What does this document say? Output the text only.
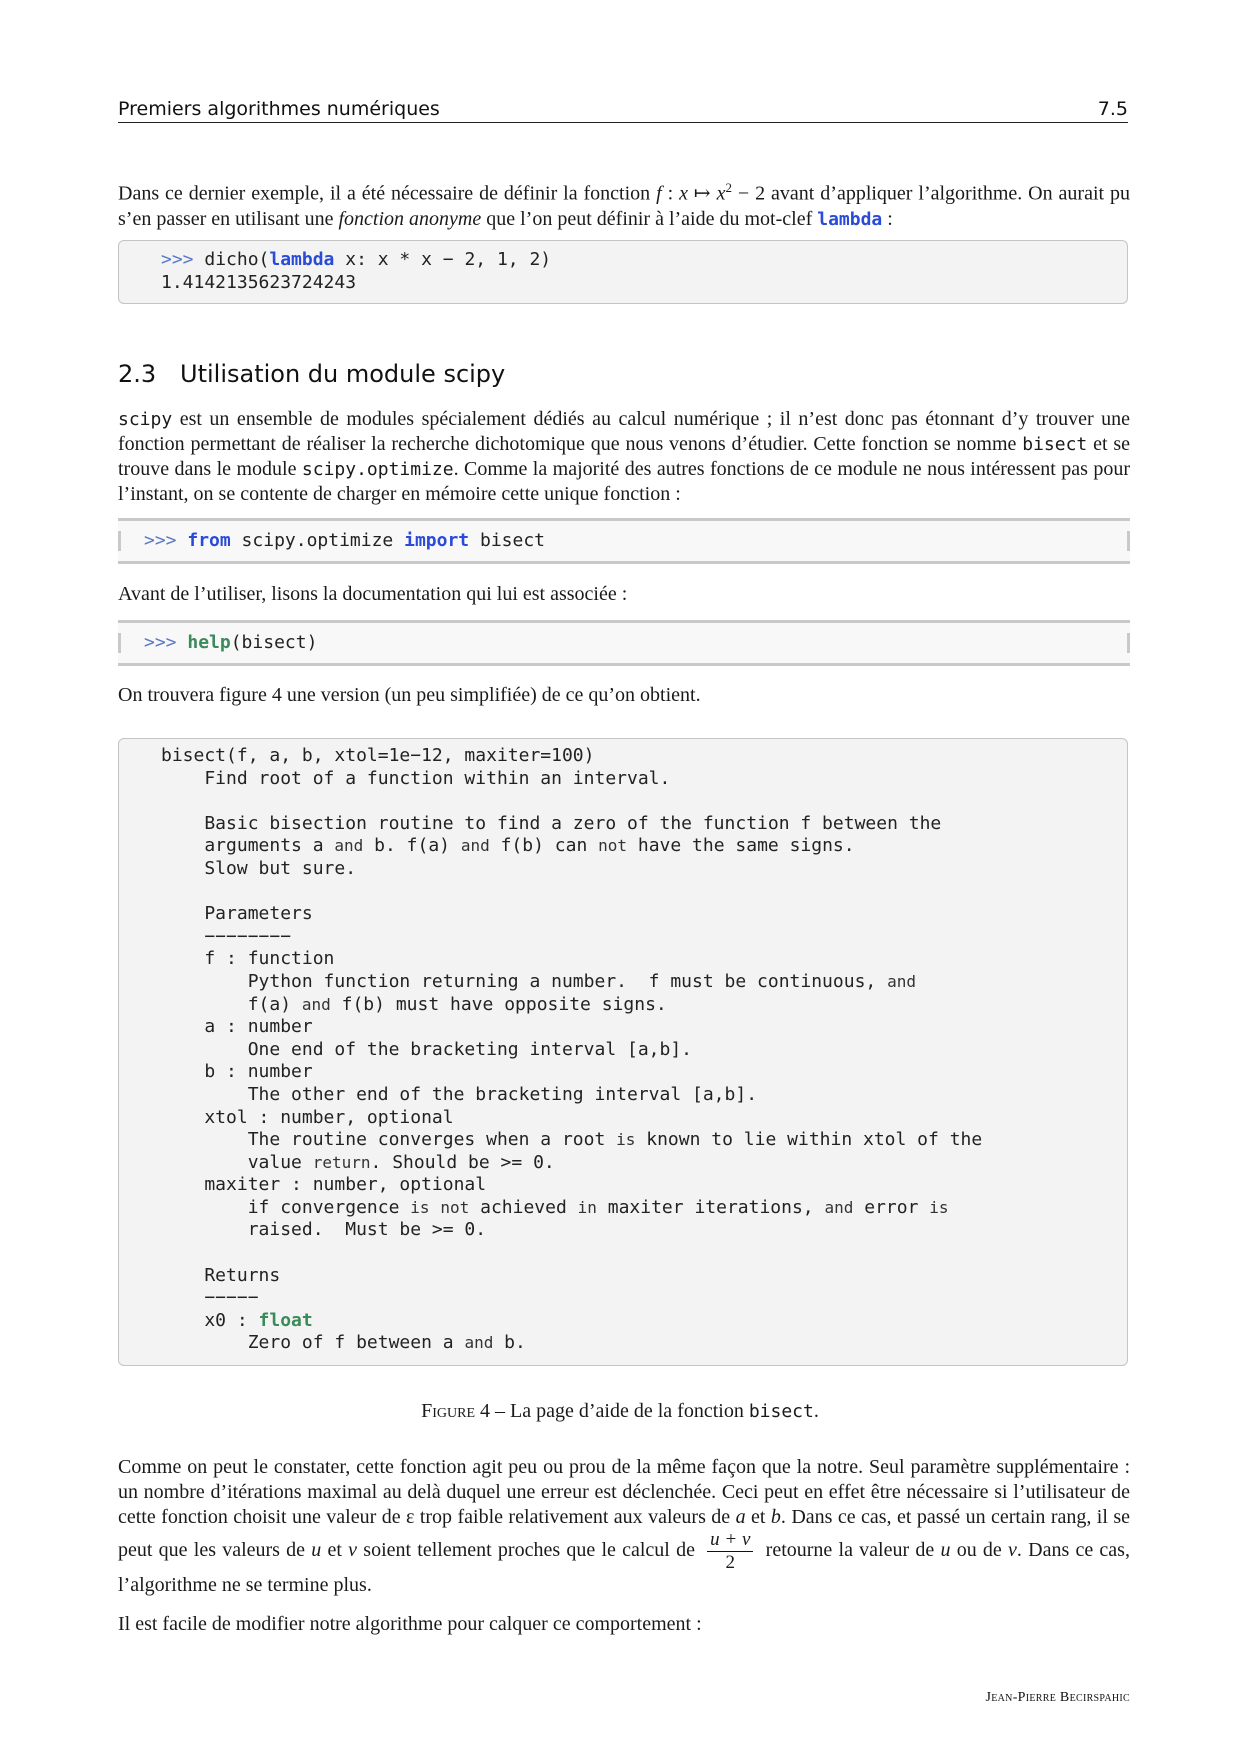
Premiers algorithmes numériques	7.5
Dans ce dernier exemple, il a été nécessaire de définir la fonction f : x ↦ $x^2 - 2$ avant d’appliquer l’algorithme. On aurait pu s’en passer en utilisant une fonction anonyme que l’on peut définir à l’aide du mot-clef lambda :
>>> dicho(lambda x: x * x − 2, 1, 2)
1.4142135623724243
2.3 Utilisation du module scipy
scipy est un ensemble de modules spécialement dédiés au calcul numérique ; il n’est donc pas étonnant d’y trouver une fonction permettant de réaliser la recherche dichotomique que nous venons d’étudier. Cette fonction se nomme bisect et se trouve dans le module scipy.optimize. Comme la majorité des autres fonctions de ce module ne nous intéressent pas pour l’instant, on se contente de charger en mémoire cette unique fonction :
>>> from scipy.optimize import bisect
Avant de l’utiliser, lisons la documentation qui lui est associée :
>>> help(bisect)
On trouvera figure 4 une version (un peu simplifiée) de ce qu’on obtient.
bisect(f, a, b, xtol=1e−12, maxiter=100)
Find root of a function within an interval.

Basic bisection routine to find a zero of the function f between the
arguments a and b. f(a) and f(b) can not have the same signs.
Slow but sure.

Parameters
−−−−−−−−
f : function
Python function returning a number.  f must be continuous, and
f(a) and f(b) must have opposite signs.
a : number
One end of the bracketing interval [a,b].
b : number
The other end of the bracketing interval [a,b].
xtol : number, optional
The routine converges when a root is known to lie within xtol of the
value return. Should be >= 0.
maxiter : number, optional
if convergence is not achieved in maxiter iterations, and error is
raised.  Must be >= 0.

Returns
−−−−−
x0 : float
Zero of f between a and b.
Figure 4 – La page d’aide de la fonction bisect.
Comme on peut le constater, cette fonction agit peu ou prou de la même façon que la notre. Seul paramètre supplémentaire : un nombre d’itérations maximal au delà duquel une erreur est déclenchée. Ceci peut en effet être nécessaire si l’utilisateur de cette fonction choisit une valeur de ε trop faible relativement aux valeurs de a et b. Dans ce cas, et passé un certain rang, il se peut que les valeurs de u et v soient tellement proches que le calcul de $\frac{u + v}{2}$ retourne la valeur de u ou de v. Dans ce cas, l’algorithme ne se termine plus.
Il est facile de modifier notre algorithme pour calquer ce comportement :
Jean-Pierre Becirspahic
